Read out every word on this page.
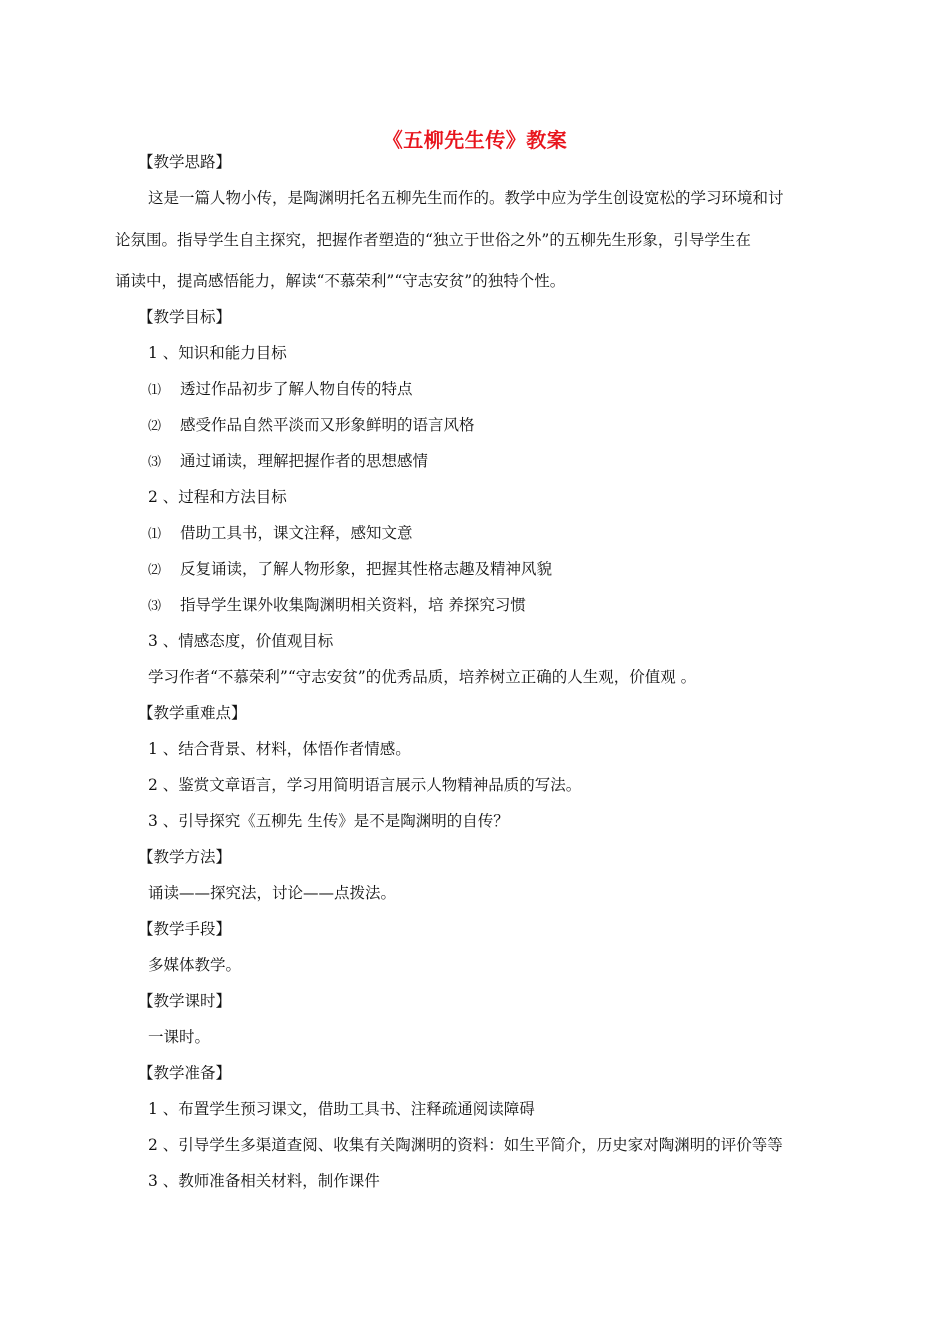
《五柳先生传》教案
【教学思路】
这是一篇人物小传，是陶渊明托名五柳先生而作的。教学中应为学生创设宽松的学习环境和讨
论氛围。指导学生自主探究，把握作者塑造的“独立于世俗之外”的五柳先生形象，引导学生在
诵读中，提高感悟能力，解读“不慕荣利”“守志安贫”的独特个性。
【教学目标】
1 、知识和能力目标
⑴ 透过作品初步了解人物自传的特点
⑵ 感受作品自然平淡而又形象鲜明的语言风格
⑶ 通过诵读，理解把握作者的思想感情
2 、过程和方法目标
⑴ 借助工具书，课文注释，感知文意
⑵ 反复诵读，了解人物形象，把握其性格志趣及精神风貌
⑶ 指导学生课外收集陶渊明相关资料，培 养探究习惯
3 、情感态度，价值观目标
学习作者“不慕荣利”“守志安贫”的优秀品质，培养树立正确的人生观，价值观 。
【教学重难点】
1 、结合背景、材料，体悟作者情感。
2 、鉴赏文章语言，学习用简明语言展示人物精神品质的写法。
3 、引导探究《五柳先 生传》是不是陶渊明的自传？
【教学方法】
诵读——探究法，讨论——点拨法。
【教学手段】
多媒体教学。
【教学课时】
一课时。
【教学准备】
1 、布置学生预习课文，借助工具书、注释疏通阅读障碍
2 、引导学生多渠道查阅、收集有关陶渊明的资料：如生平简介，历史家对陶渊明的评价等等
3 、教师准备相关材料，制作课件
